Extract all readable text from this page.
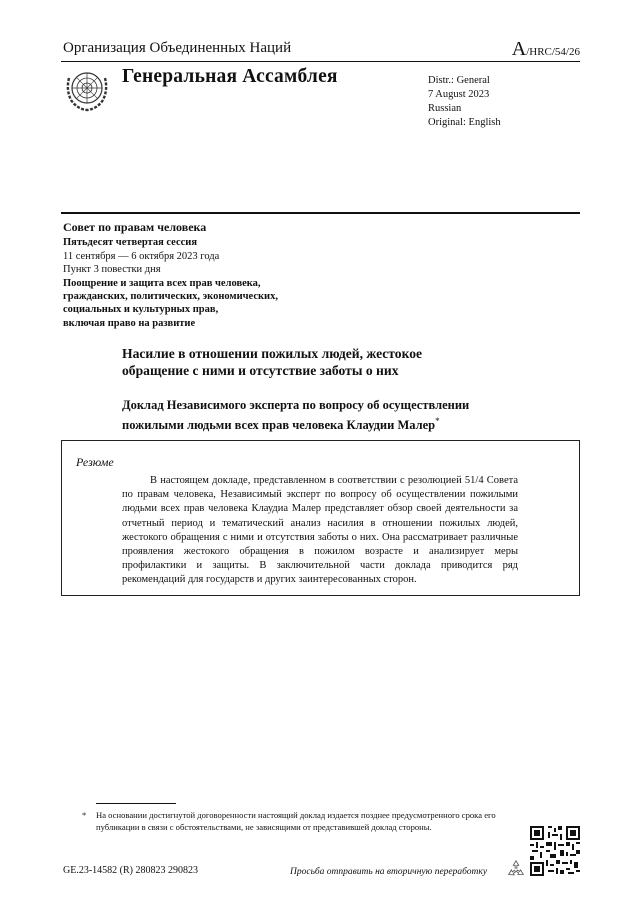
Организация Объединенных Наций	A/HRC/54/26
Генеральная Ассамблея	Distr.: General
7 August 2023
Russian
Original: English
Совет по правам человека
Пятьдесят четвертая сессия
11 сентября — 6 октября 2023 года
Пункт 3 повестки дня
Поощрение и защита всех прав человека,
гражданских, политических, экономических,
социальных и культурных прав,
включая право на развитие
Насилие в отношении пожилых людей, жестокое
обращение с ними и отсутствие заботы о них
Доклад Независимого эксперта по вопросу об осуществлении
пожилыми людьми всех прав человека Клаудии Малер*
Резюме
В настоящем докладе, представленном в соответствии с резолюцией 51/4 Совета по правам человека, Независимый эксперт по вопросу об осуществлении пожилыми людьми всех прав человека Клаудиа Малер представляет обзор своей деятельности за отчетный период и тематический анализ насилия в отношении пожилых людей, жестокого обращения с ними и отсутствия заботы о них. Она рассматривает различные проявления жестокого обращения в пожилом возрасте и анализирует меры профилактики и защиты. В заключительной части доклада приводится ряд рекомендаций для государств и других заинтересованных сторон.
* На основании достигнутой договоренности настоящий доклад издается позднее предусмотренного срока его публикации в связи с обстоятельствами, не зависящими от представившей доклад стороны.
GE.23-14582 (R) 280823 290823	Просьба отправить на вторичную переработку
